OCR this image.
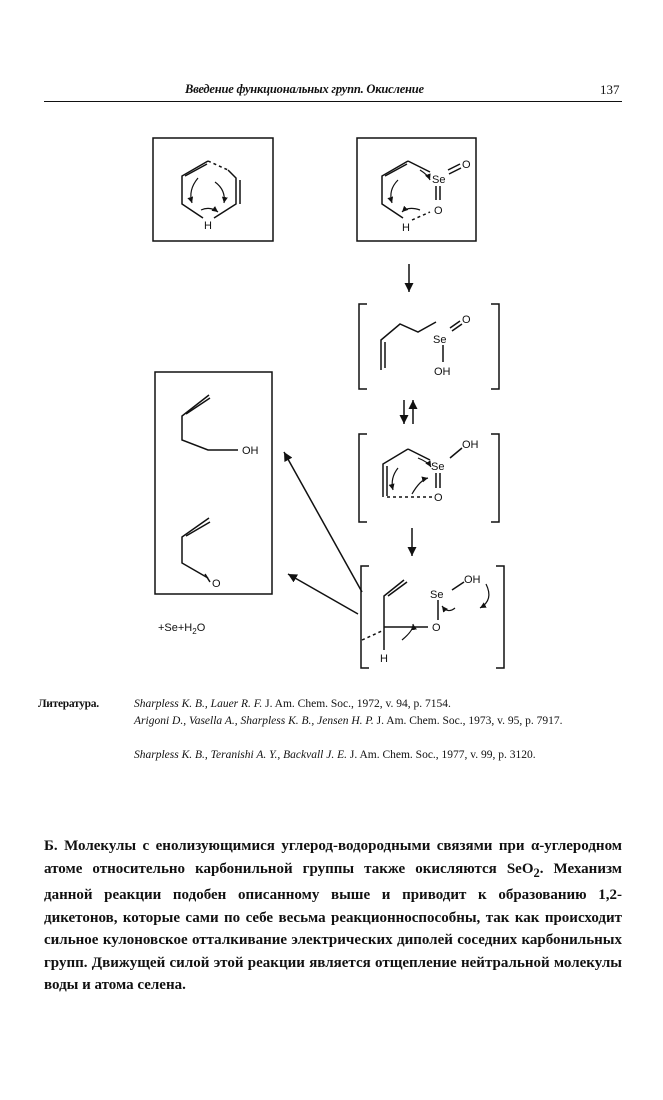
Введение функциональных групп. Окисление	137
H
Se
O
O
H
Se
O
OH
Se
OH
O
Se
OH
O
H
OH
O
$+Se+H_2O$
Литература.	Sharpless K. B., Lauer R. F. J. Am. Chem. Soc., 1972, v. 94, p. 7154.
Arigoni D., Vasella A., Sharpless K. B., Jensen H. P. J. Am. Chem. Soc., 1973, v. 95, p. 7917.
Sharpless K. B., Teranishi A. Y., Backvall J. E. J. Am. Chem. Soc., 1977, v. 99, p. 3120.
Б. Молекулы с енолизующимися углерод-водородными связями при α-углеродном атоме относительно карбонильной группы также окисляются SeO$_2$. Механизм данной реакции подобен описанному выше и приводит к образованию 1,2-дикетонов, которые сами по себе весьма реакционноспособны, так как происходит сильное кулоновское отталкивание электрических диполей соседних карбонильных групп. Движущей силой этой реакции является отщепление нейтральной молекулы воды и атома селена.
